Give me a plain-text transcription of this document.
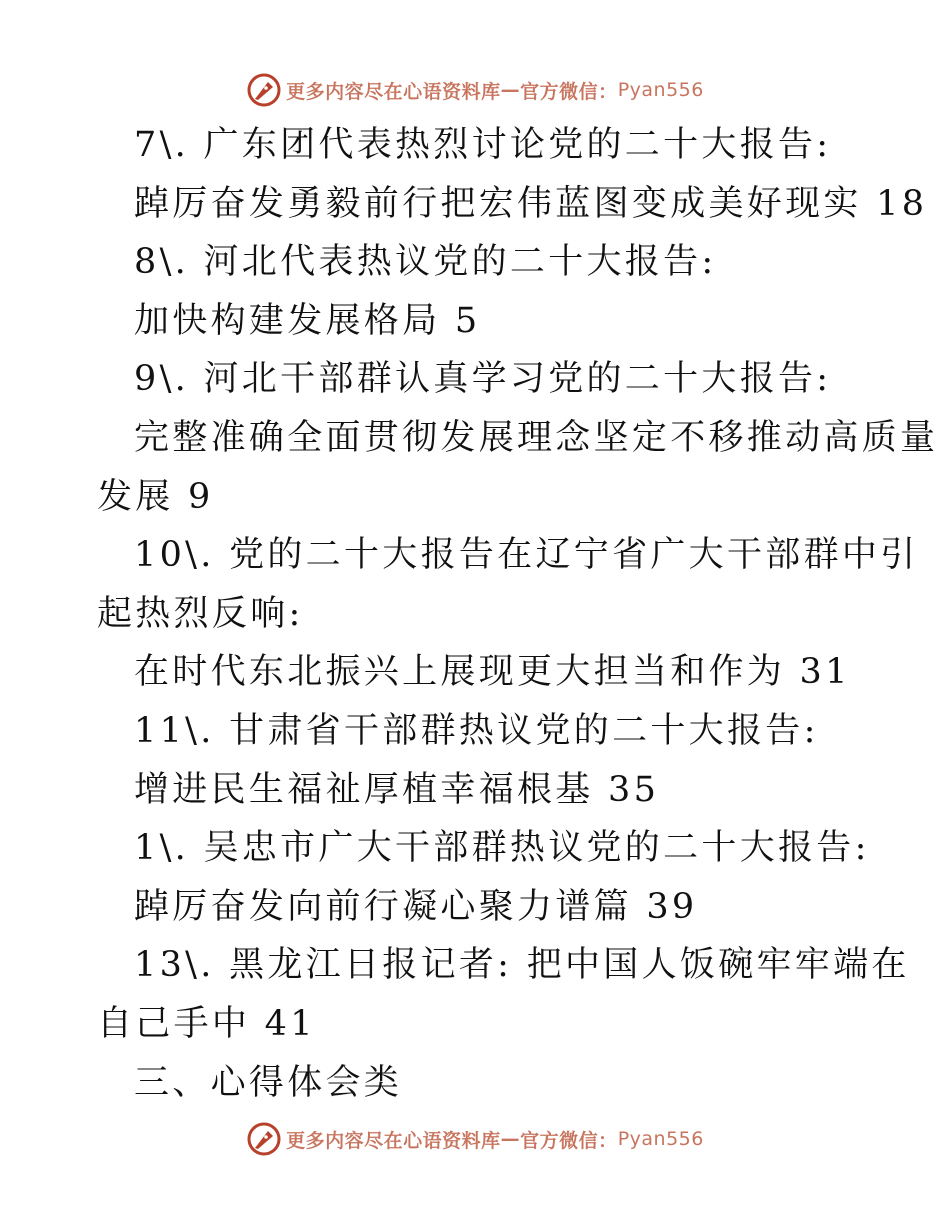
更多内容尽在心语资料库 — 官方微信： Pyan556
7\. 广东团代表热烈讨论党的二十大报告:
踔厉奋发勇毅前行把宏伟蓝图变成美好现实 18
8\. 河北代表热议党的二十大报告:
加快构建发展格局 5
9\. 河北干部群认真学习党的二十大报告:
完整准确全面贯彻发展理念坚定不移推动高质量
发展 9
10\. 党的二十大报告在辽宁省广大干部群中引
起热烈反响:
在时代东北振兴上展现更大担当和作为 31
11\. 甘肃省干部群热议党的二十大报告:
增进民生福祉厚植幸福根基 35
1\. 吴忠市广大干部群热议党的二十大报告:
踔厉奋发向前行凝心聚力谱篇 39
13\. 黑龙江日报记者: 把中国人饭碗牢牢端在
自己手中 41
三、心得体会类
更多内容尽在心语资料库 — 官方微信： Pyan556
